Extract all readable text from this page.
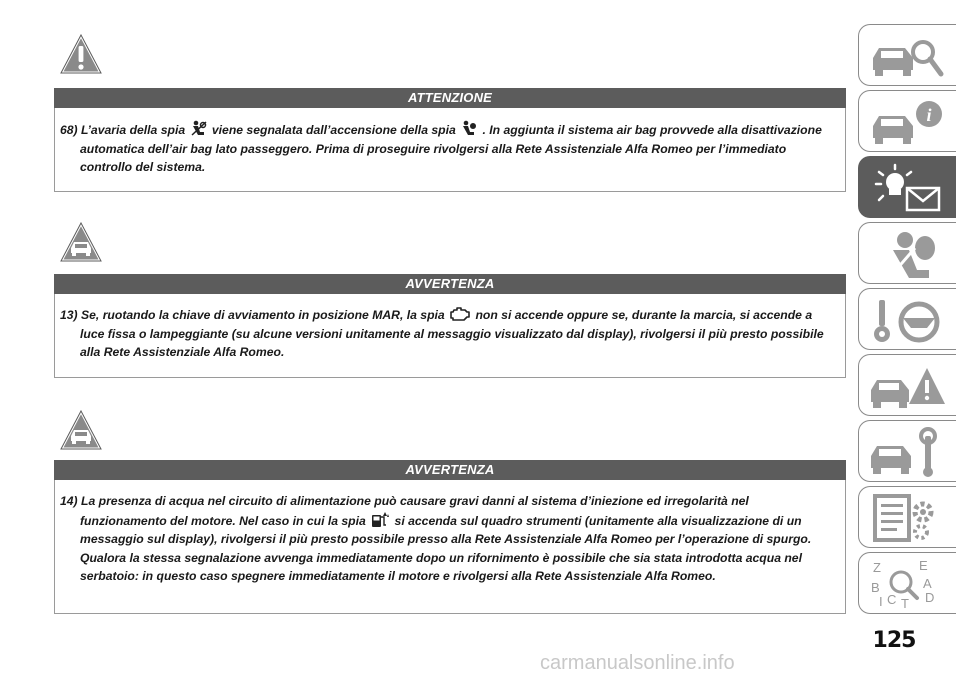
ATTENZIONE
68) L’avaria della spia
viene segnalata dall’accensione della spia
. In aggiunta il sistema air bag provvede alla disattivazione automatica dell’air bag lato passeggero. Prima di proseguire rivolgersi alla Rete Assistenziale Alfa Romeo per l’immediato controllo del sistema.
AVVERTENZA
13) Se, ruotando la chiave di avviamento in posizione MAR, la spia
non si accende oppure se, durante la marcia, si accende a luce fissa o lampeggiante (su alcune versioni unitamente al messaggio visualizzato dal display), rivolgersi il più presto possibile alla Rete Assistenziale Alfa Romeo.
AVVERTENZA
14) La presenza di acqua nel circuito di alimentazione può causare gravi danni al sistema d’iniezione ed irregolarità nel funzionamento del motore. Nel caso in cui la spia
si accenda sul quadro strumenti (unitamente alla visualizzazione di un messaggio sul display), rivolgersi il più presto possibile presso alla Rete Assistenziale Alfa Romeo per l’operazione di spurgo. Qualora la stessa segnalazione avvenga immediatamente dopo un rifornimento è possibile che sia stata introdotta acqua nel serbatoio: in questo caso spegnere immediatamente il motore e rivolgersi alla Rete Assistenziale Alfa Romeo.
i
Z	E
B	A
I C T D
125
carmanualsonline.info
